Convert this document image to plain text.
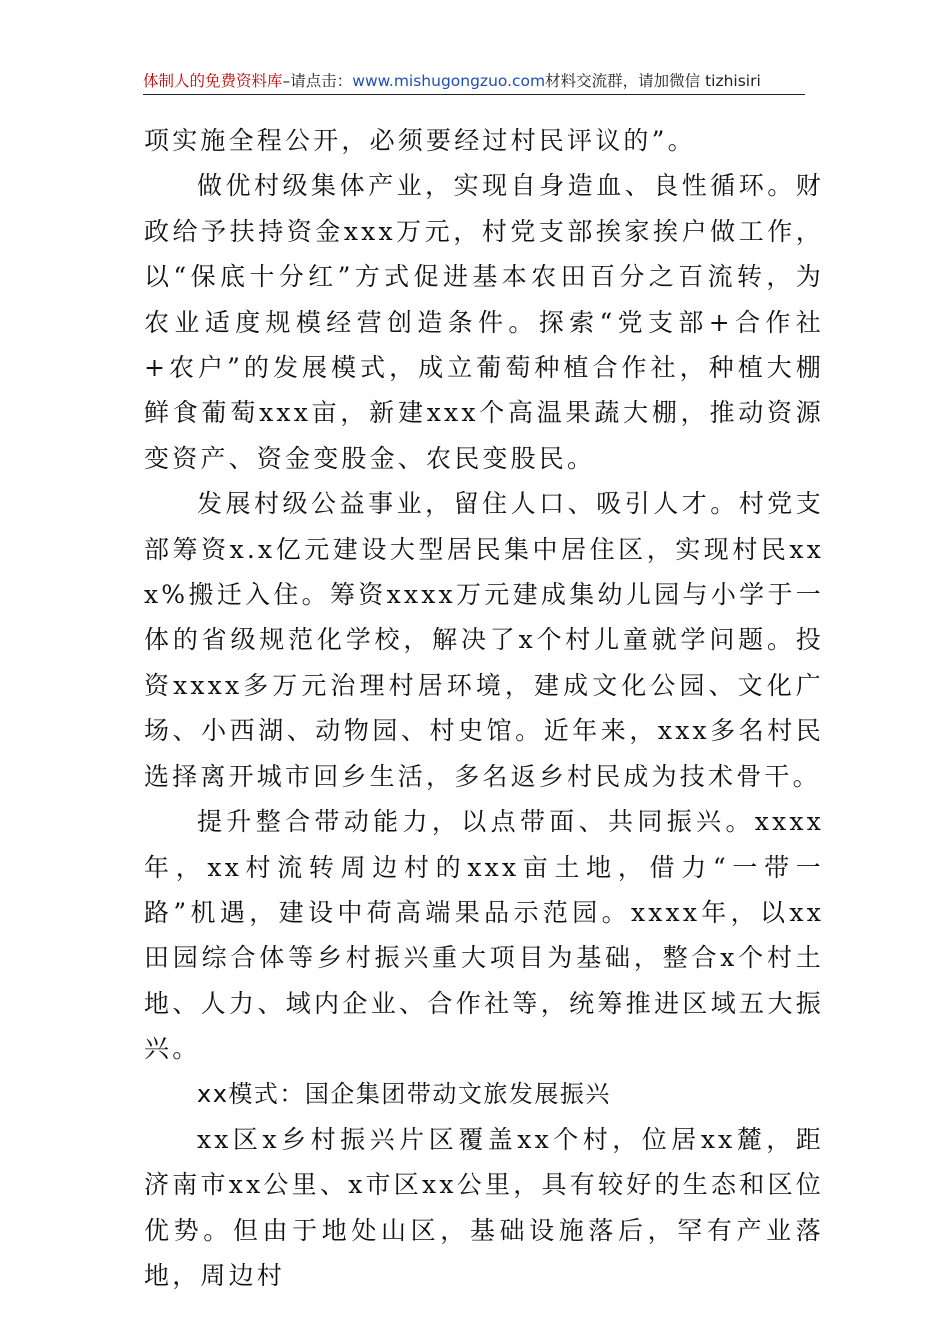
体制人的免费资料库–请点击：www.mishugongzuo.com材料交流群，请加微信 tizhisiri

项实施全程公开，必须要经过村民评议的”。

做优村级集体产业，实现自身造血、良性循环。财政给予扶持资金xxx万元，村党支部挨家挨户做工作，以“保底十分红”方式促进基本农田百分之百流转，为农业适度规模经营创造条件。探索“党支部+合作社+农户”的发展模式，成立葡萄种植合作社，种植大棚鲜食葡萄xxx亩，新建xxx个高温果蔬大棚，推动资源变资产、资金变股金、农民变股民。

发展村级公益事业，留住人口、吸引人才。村党支部筹资x.x亿元建设大型居民集中居住区，实现村民xxx%搬迁入住。筹资xxxx万元建成集幼儿园与小学于一体的省级规范化学校，解决了x个村儿童就学问题。投资xxxx多万元治理村居环境，建成文化公园、文化广场、小西湖、动物园、村史馆。近年来，xxx多名村民选择离开城市回乡生活，多名返乡村民成为技术骨干。

提升整合带动能力，以点带面、共同振兴。xxxx年，xx村流转周边村的xxx亩土地，借力“一带一路”机遇，建设中荷高端果品示范园。xxxx年，以xx田园综合体等乡村振兴重大项目为基础，整合x个村土地、人力、域内企业、合作社等，统筹推进区域五大振兴。

xx模式：国企集团带动文旅发展振兴

xx区x乡村振兴片区覆盖xx个村，位居xx麓，距济南市xx公里、x市区xx公里，具有较好的生态和区位优势。但由于地处山区，基础设施落后，罕有产业落地，周边村
